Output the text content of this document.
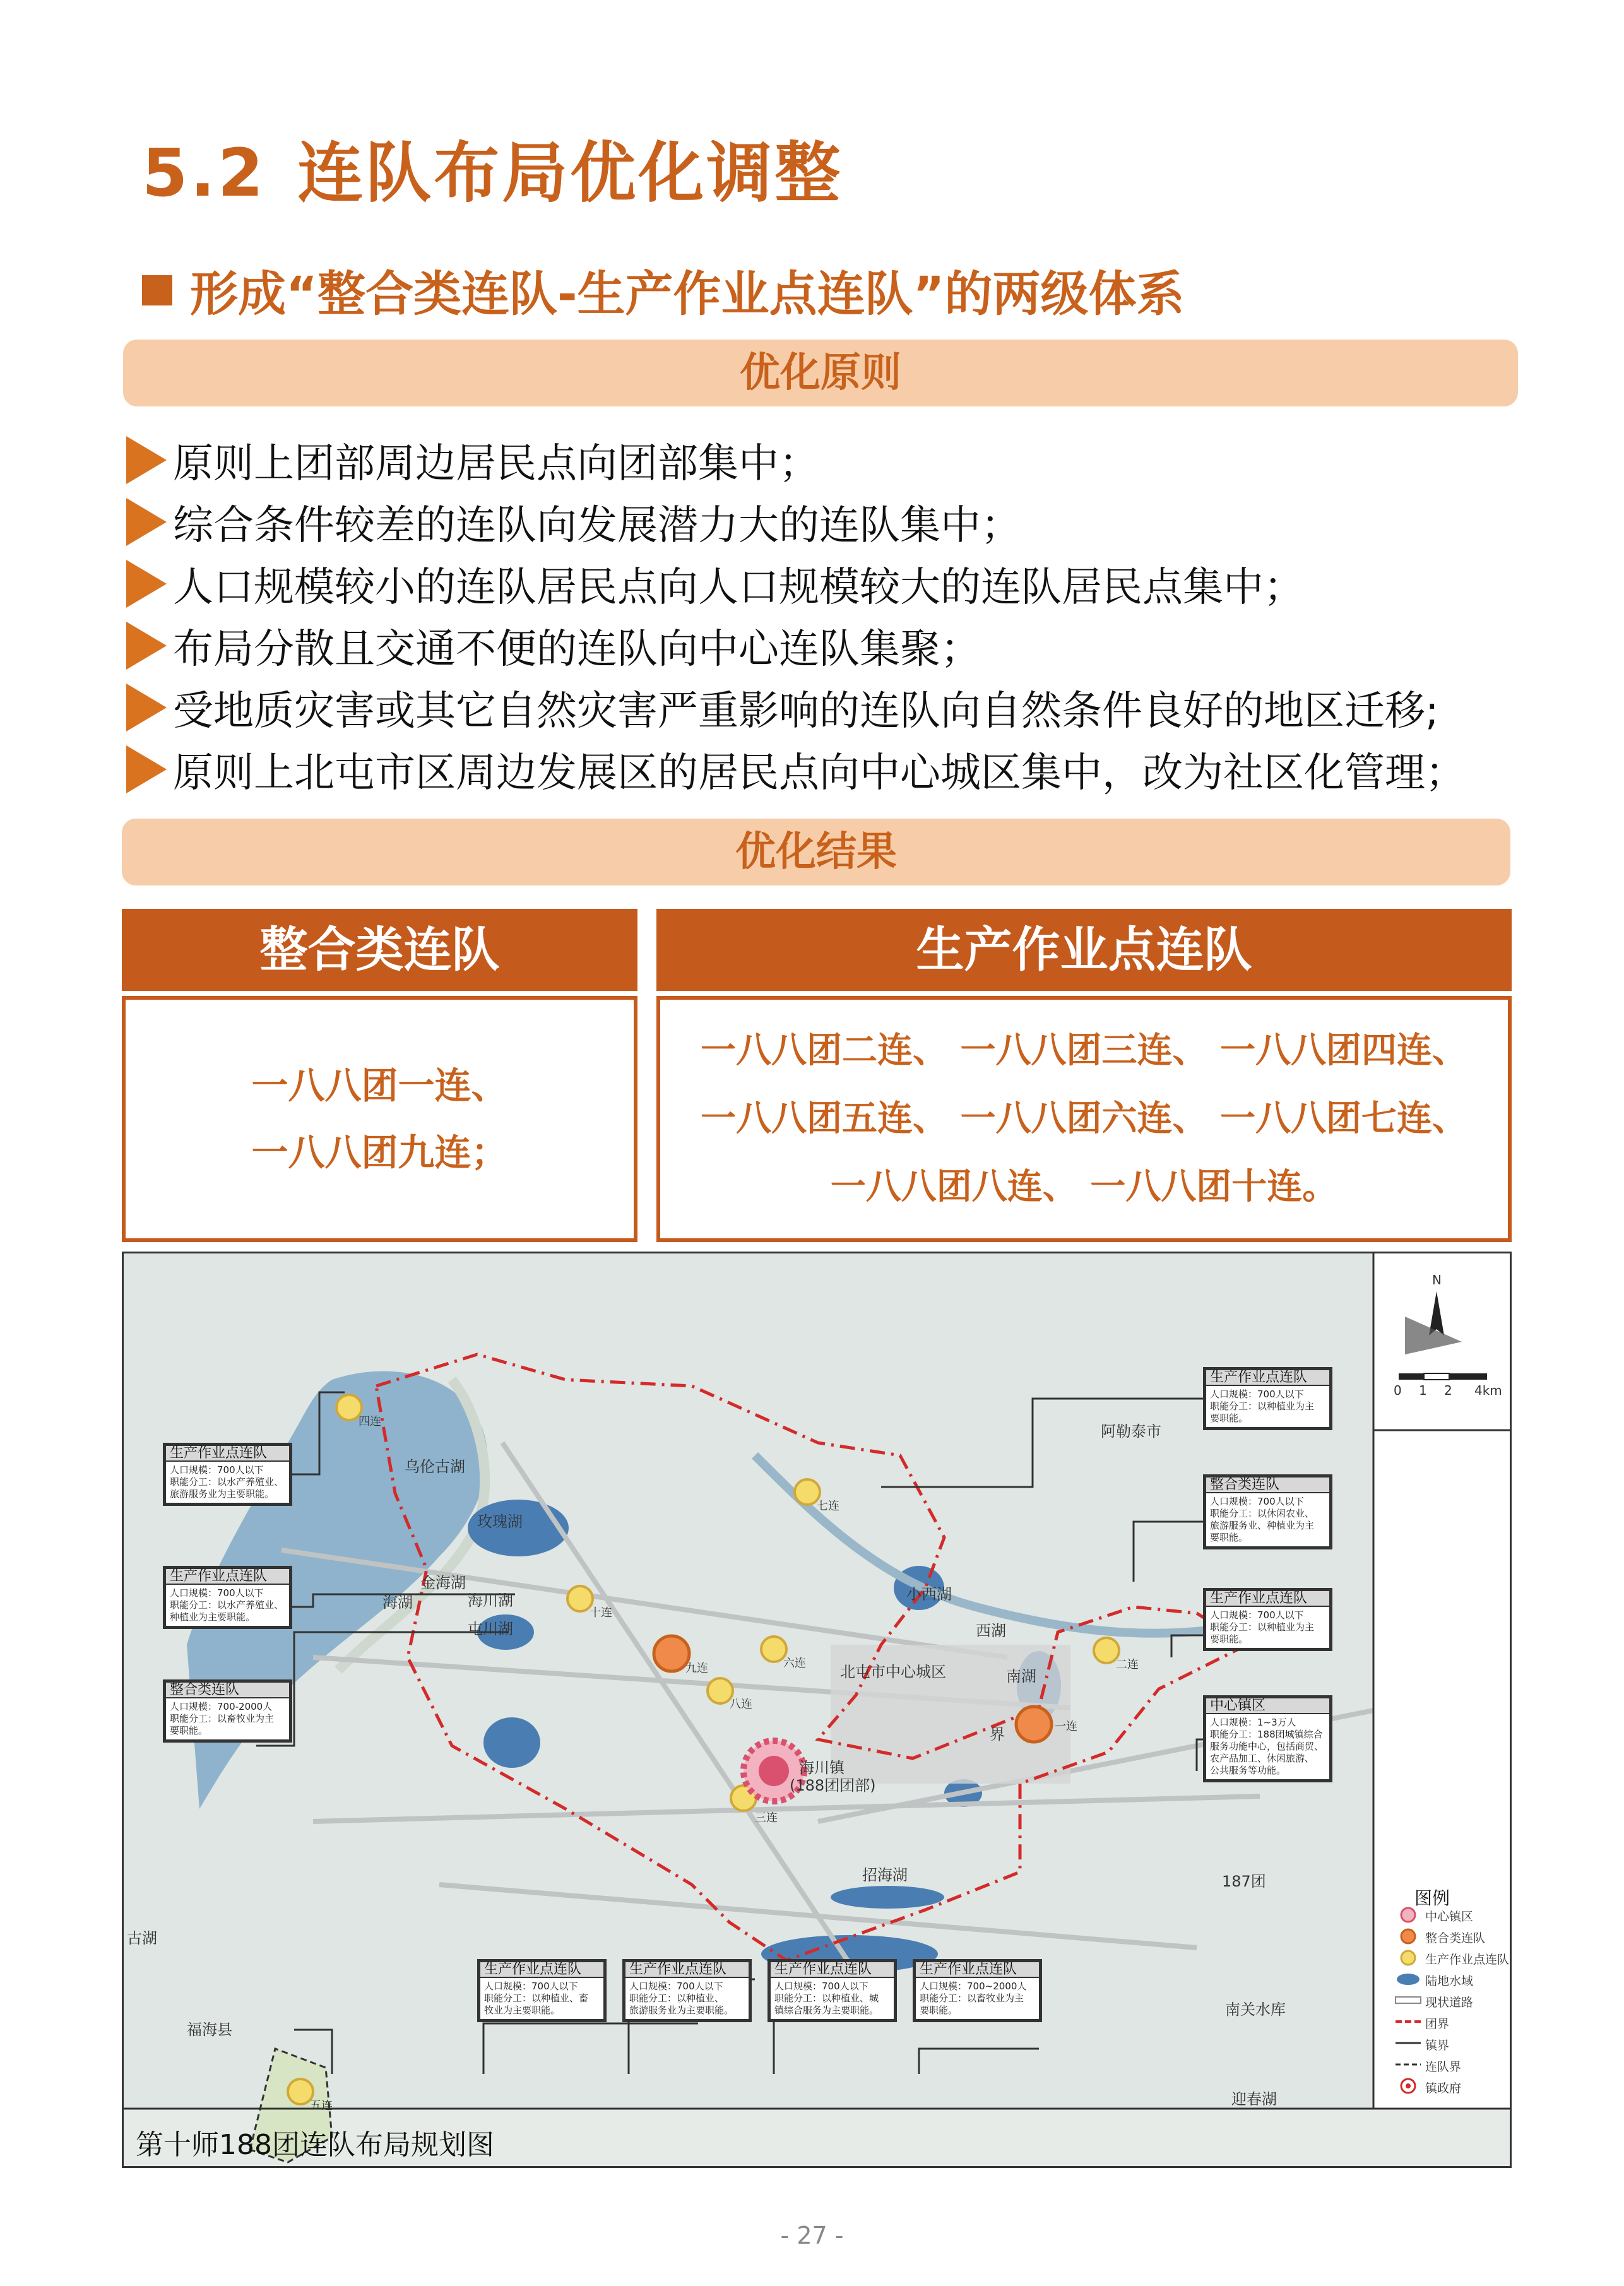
5.2 连队布局优化调整
形成“整合类连队-生产作业点连队”的两级体系
优化原则
原则上团部周边居民点向团部集中；
综合条件较差的连队向发展潜力大的连队集中；
人口规模较小的连队居民点向人口规模较大的连队居民点集中；
布局分散且交通不便的连队向中心连队集聚；
受地质灾害或其它自然灾害严重影响的连队向自然条件良好的地区迁移;
原则上北屯市区周边发展区的居民点向中心城区集中，改为社区化管理；
优化结果
整合类连队	生产作业点连队
一八八团一连、
一八八团九连；
一八八团二连、 一八八团三连、 一八八团四连、
一八八团五连、 一八八团六连、 一八八团七连、
一八八团八连、 一八八团十连。
乌伦古湖
玫瑰湖
金海湖
海川湖
海湖
屯川湖
小西湖
西湖
南湖
北屯市中心城区
海川镇
(188团团部)
招海湖
阿勒泰市
福海县
187团
南关水库
迎春湖
古湖
界
四连
七连
十连
九连	六连
八连
二连
一连
三连
五连
生产作业点连队
人口规模：700人以下
职能分工：以水产养殖业、
旅游服务业为主要职能。
生产作业点连队
人口规模：700人以下
职能分工：以水产养殖业、
种植业为主要职能。
整合类连队
人口规模：700-2000人
职能分工：以畜牧业为主
要职能。
生产作业点连队
人口规模：700人以下
职能分工：以种植业为主
要职能。
整合类连队
人口规模：700人以下
职能分工：以休闲农业、
旅游服务业、种植业为主
要职能。
生产作业点连队
人口规模：700人以下
职能分工：以种植业为主
要职能。
中心镇区
人口规模：1~3万人
职能分工：188团城镇综合
服务功能中心，包括商贸、
农产品加工、休闲旅游、
公共服务等功能。
生产作业点连队
人口规模：700人以下
职能分工：以种植业、畜
牧业为主要职能。
生产作业点连队
人口规模：700人以下
职能分工：以种植业、
旅游服务业为主要职能。
生产作业点连队
人口规模：700人以下
职能分工：以种植业、城
镇综合服务为主要职能。
生产作业点连队
人口规模：700~2000人
职能分工：以畜牧业为主
要职能。
N
0 1 2 4km
图例
中心镇区
整合类连队
生产作业点连队
陆地水域
现状道路
团界
镇界
连队界
镇政府
第十师188团连队布局规划图
- 27 -
